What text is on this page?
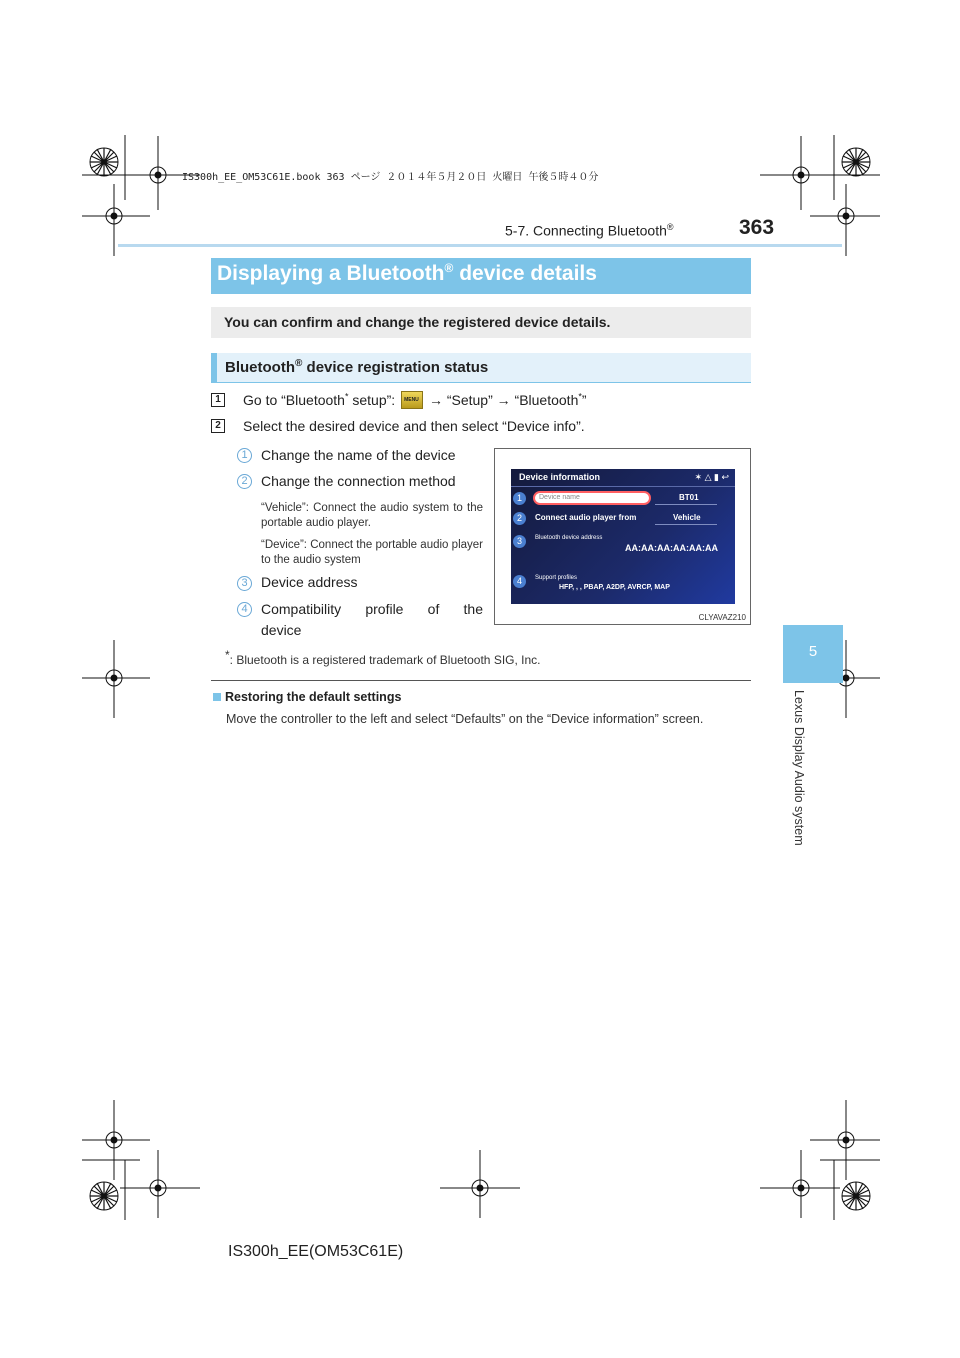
IS300h_EE_OM53C61E.book 363 ページ ２０１４年５月２０日 火曜日 午後５時４０分
5-7. Connecting Bluetooth®	363
5
Lexus Display Audio system
Displaying a Bluetooth® device details
You can confirm and change the registered device details.
Bluetooth® device registration status
1	Go to “Bluetooth* setup”: MENU → “Setup” → “Bluetooth*”
2	Select the desired device and then select “Device info”.
1 Change the name of the device
2 Change the connection method
“Vehicle”: Connect the audio system to the portable audio player.
“Device”: Connect the portable audio player to the audio system
3 Device address
4 Compatibility profile of the
device
Device information	✶ △ ▮ ↩
1	Device name	BT01
2	Connect audio player from	Vehicle
3	Bluetooth device address
AA:AA:AA:AA:AA:AA
4	Support profiles
HFP, , , PBAP, A2DP, AVRCP, MAP
CLYAVAZ210
*: Bluetooth is a registered trademark of Bluetooth SIG, Inc.
Restoring the default settings
Move the controller to the left and select “Defaults” on the “Device information” screen.
IS300h_EE(OM53C61E)
